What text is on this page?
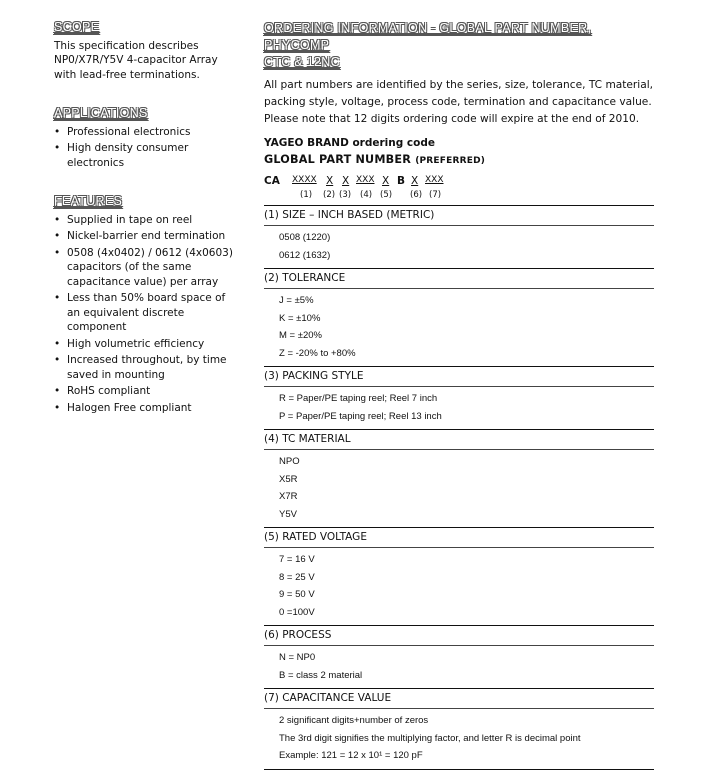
SCOPE
This specification describes NP0/X7R/Y5V 4-capacitor Array with lead-free terminations.
APPLICATIONS
• Professional electronics
• High density consumer electronics
FEATURES
• Supplied in tape on reel
• Nickel-barrier end termination
• 0508 (4x0402) / 0612 (4x0603) capacitors (of the same capacitance value) per array
• Less than 50% board space of an equivalent discrete component
• High volumetric efficiency
• Increased throughout, by time saved in mounting
• RoHS compliant
• Halogen Free compliant
ORDERING INFORMATION - GLOBAL PART NUMBER, PHYCOMP
CTC & 12NC
All part numbers are identified by the series, size, tolerance, TC material, packing style, voltage, process code, termination and capacitance value.
Please note that 12 digits ordering code will expire at the end of 2010.
YAGEO BRAND ordering code
GLOBAL PART NUMBER (PREFERRED)
CA XXXX X X XXX X B X XXX
(1) (2) (3) (4) (5) (6) (7)
(1) SIZE – INCH BASED (METRIC)
0508 (1220)
0612 (1632)
(2) TOLERANCE
J = ±5%
K = ±10%
M = ±20%
Z = -20% to +80%
(3) PACKING STYLE
R = Paper/PE taping reel; Reel 7 inch
P = Paper/PE taping reel; Reel 13 inch
(4) TC MATERIAL
NPO
X5R
X7R
Y5V
(5) RATED VOLTAGE
7 = 16 V
8 = 25 V
9 = 50 V
0 =100V
(6) PROCESS
N = NP0
B = class 2 material
(7) CAPACITANCE VALUE
2 significant digits+number of zeros
The 3rd digit signifies the multiplying factor, and letter R is decimal point
Example: 121 = 12 x 10¹ = 120 pF
